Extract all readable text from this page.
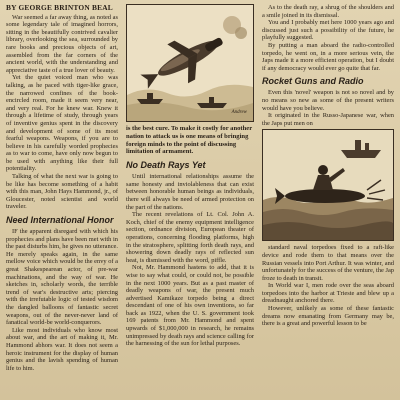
BY GEORGE BRINTON BEAL

War seemed a far away thing, as noted as some legendary tale of imagined horrors, sitting in the beautifully contrived cavalier library, overlooking the sea, surrounded by rare books and precious objects of art, assembled from the far corners of the ancient world, with the understanding and appreciative taste of a true lover of beauty.

Yet the quiet voiced man who was talking, as he paced with tiger-like grace, the narrowed confines of the book-encircled room, made it seem very near, and very real. For he knew war. Knew it through a lifetime of study, through years of inventive genius spent in the discovery and development of some of its most fearful weapons. Weapons, if you are to believe in his carefully worded prophecies as to war to come, have only now begun to be used with anything like their full potentiality.

Talking of what the next war is going to be like has become something of a habit with this man, John Hays Hammond, jr., of Gloucester, noted scientist and world traveler.

Need International Honor

IF the apparent disregard with which his prophecies and plans have been met with in the past disturbs him, he gives no utterance. He merely speaks again, in the same mellow voice which would be the envy of a great Shakespearean actor, of pre-war machinations, and the way of war. He sketches in, scholarly words, the terrible trend of war's destructive arts; piercing with the irrefutable logic of tested wisdom the dangled balloons of fantastic secret weapons, out of the never-never land of fanatical world-be world-conquerors.

Like most individuals who know most about war, and the art of making it, Mr. Hammond abhors war. It does not seem a heroic instrument for the display of human genius and the lavish spending of human life to him.

Andrew
is the best cure. To make it costly for another nation to attack us is one means of bringing foreign minds to the point of discussing limitation of armament.
No Death Rays Yet

Until international relationships assume the same honesty and inviolableness that can exist between honorable human beings as individuals, there will always be need of armed protection on the part of the nations.

The recent revelations of Lt. Col. John A. Koch, chief of the enemy equipment intelligence section, ordnance division, European theater of operations, concerning flooding platforms, high in the stratosphere, splitting forth death rays, and showering down deadly rays of reflected sun heat, is dismissed with the word, piffle.

Not, Mr. Hammond hastens to add, that it is wise to say what could, or could not, be possible in the next 1000 years. But as a past master of deadly weapons of war, the present much advertised Kamikaze torpedo being a direct descendant of one of his own inventions, so far back as 1922, when the U. S. government took 169 patents from Mr. Hammond and spent upwards of $1,000,000 in research, he remains unimpressed by death rays and science calling for the harnessing of the sun for lethal purposes.

As to the death ray, a shrug of the shoulders and a smile joined in its dismissal.

You and I probably met here 1000 years ago and discussed just such a possibility of the future, he playfully suggested.

By putting a man aboard the radio-controlled torpedo, he went on, in a more serious vein, the Japs made it a more efficient operation, but I doubt if any democracy would ever go quite that far.

Rocket Guns and Radio

Even this 'novel' weapon is not so novel and by no means so new as some of the present writers would have you believe.

It originated in the Russo-Japanese war, when the Japs put men on

standard naval torpedoes fixed to a raft-like device and rode them to that means over the Russian vessels into Port Arthur. It was winter, and unfortunately for the success of the venture, the Jap froze to death in transit.

In World war I, men rode over the seas aboard torpedoes into the harbor at Trieste and blew up a dreadnaught anchored there.

However, unlikely as some of these fantastic dreams now emanating from Germany may be, there is a great and powerful lesson to be
